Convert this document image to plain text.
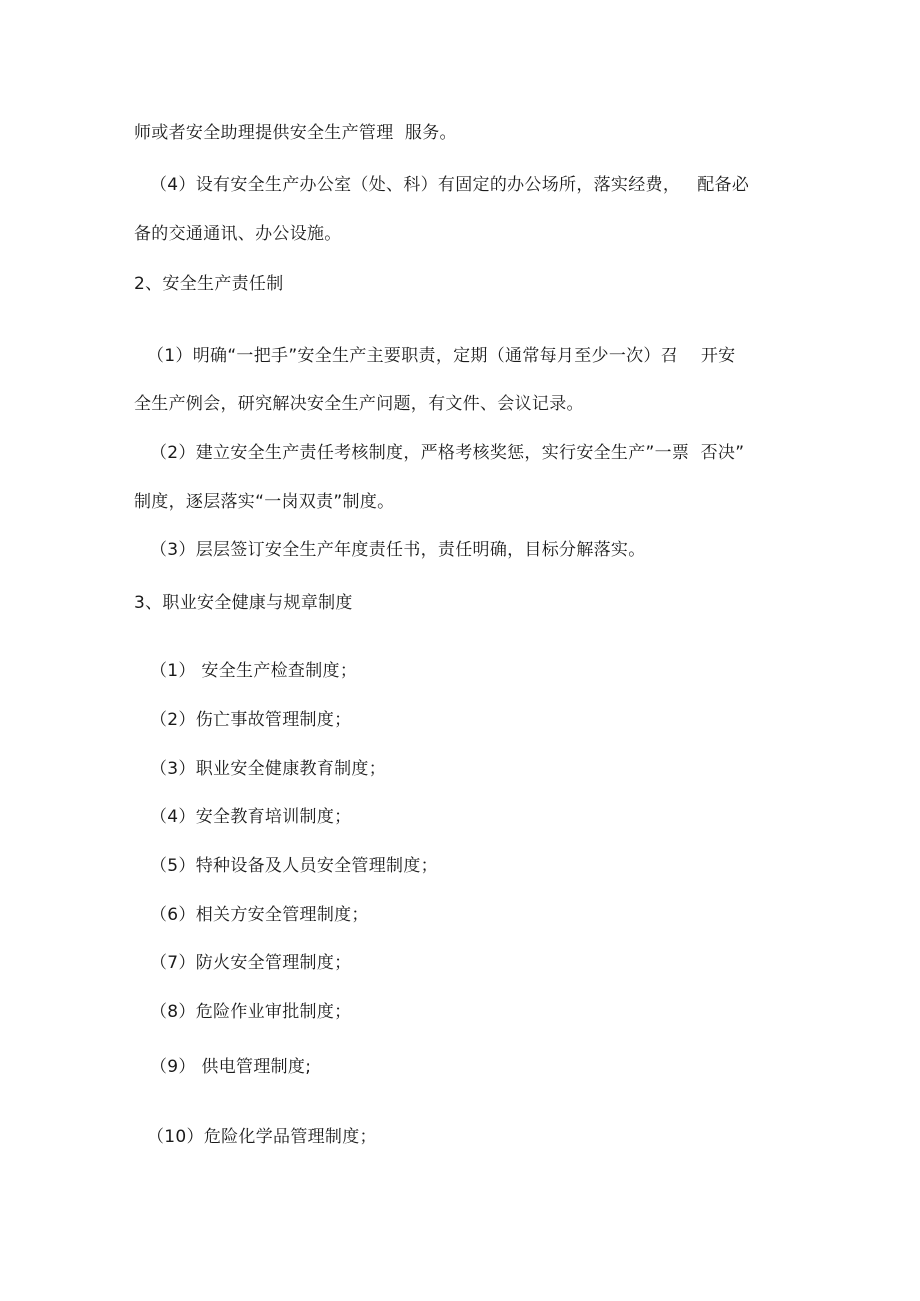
师或者安全助理提供安全生产管理  服务。
（4）设有安全生产办公室（处、科）有固定的办公场所，落实经费，   配备必
备的交通通讯、办公设施。
2、安全生产责任制
（1）明确“一把手”安全生产主要职责，定期（通常每月至少一次）召    开安
全生产例会，研究解决安全生产问题，有文件、会议记录。
（2）建立安全生产责任考核制度，严格考核奖惩，实行安全生产”一票  否决”
制度，逐层落实“一岗双责”制度。
（3）层层签订安全生产年度责任书，责任明确，目标分解落实。
3、职业安全健康与规章制度
（1） 安全生产检查制度；
（2）伤亡事故管理制度；
（3）职业安全健康教育制度；
（4）安全教育培训制度；
（5）特种设备及人员安全管理制度；
（6）相关方安全管理制度；
（7）防火安全管理制度；
（8）危险作业审批制度；
（9） 供电管理制度;
（10）危险化学品管理制度；
